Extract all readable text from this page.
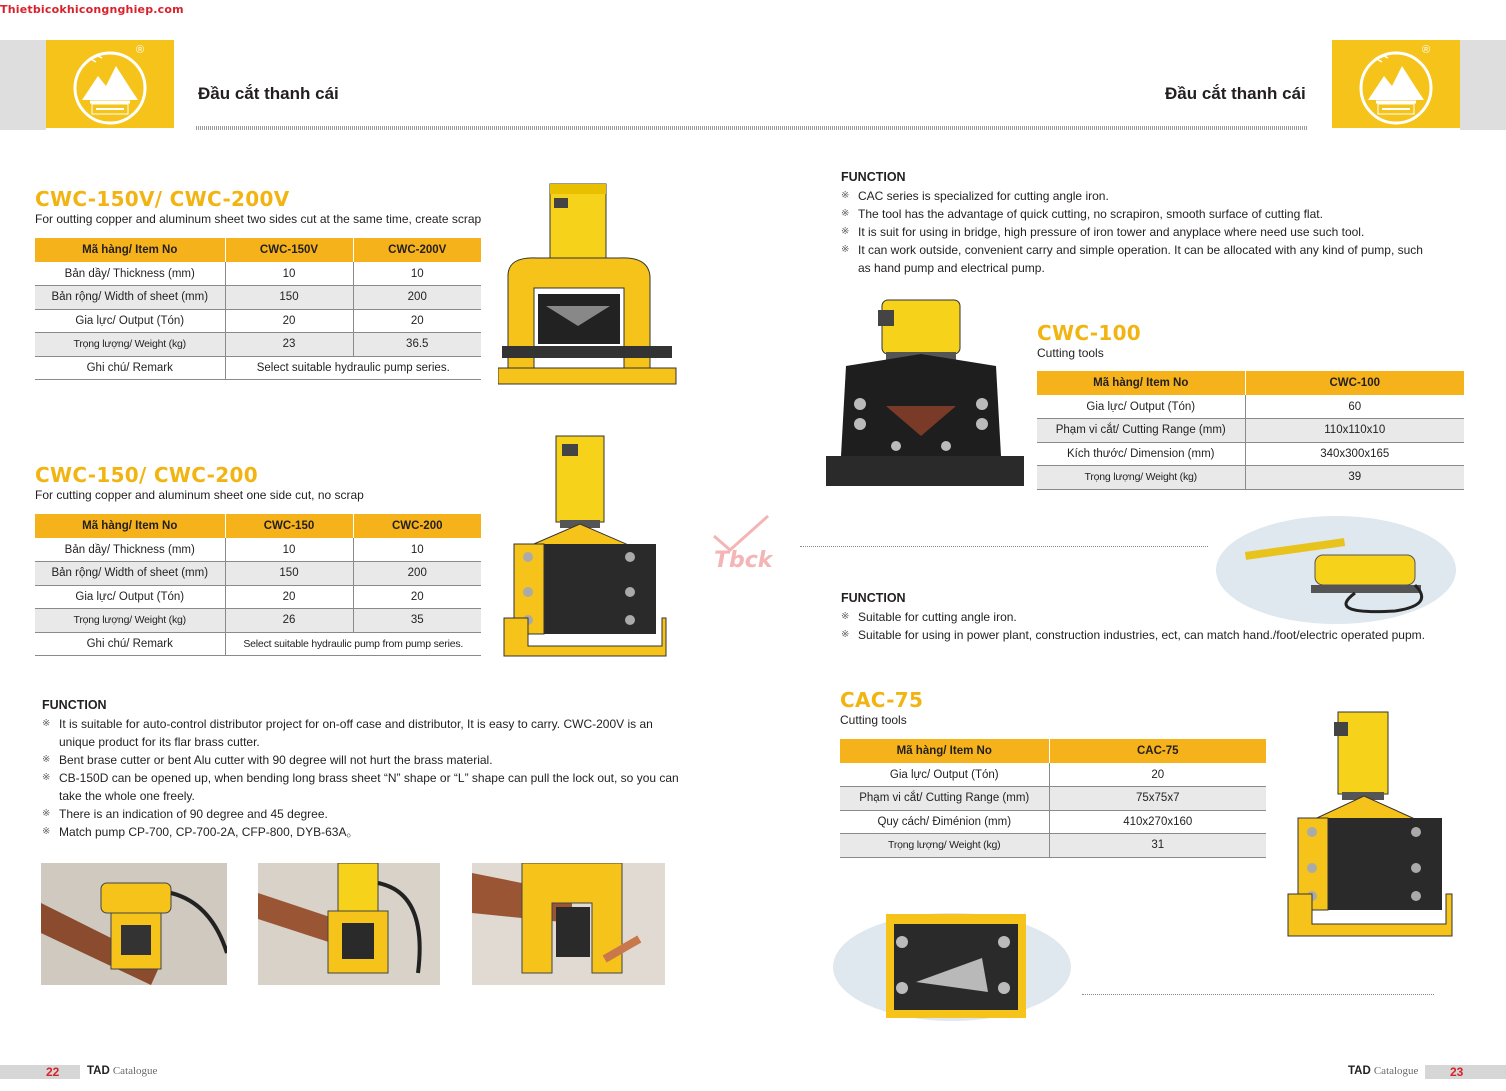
Thietbicokhicongnghiep.com
®
Đầu cắt thanh cái	Đầu cắt thanh cái
®
CWC-150V/ CWC-200V
For outting copper and aluminum sheet two sides cut at the same time, create scrap
Mã hàng/ Item No	CWC-150V	CWC-200V
Bản dầy/ Thickness (mm)	10	10
Bản rộng/ Width of sheet (mm)	150	200
Gia lực/ Output (Tón)	20	20
Trọng lượng/ Weight (kg)	23	36.5
Ghi chú/ Remark	Select suitable hydraulic pump series.	
CWC-150/ CWC-200
For cutting copper and aluminum sheet one side cut, no scrap
Mã hàng/ Item No	CWC-150	CWC-200
Bản dầy/ Thickness (mm)	10	10
Bản rộng/ Width of sheet (mm)	150	200
Gia lực/ Output (Tón)	20	20
Trọng lượng/ Weight (kg)	26	35
Ghi chú/ Remark	Select suitable hydraulic pump from pump series.	
FUNCTION
※ It is suitable for auto-control distributor project for on-off case and distributor, It is easy to carry. CWC-200V is an unique product for its flar brass cutter.
※ Bent brase cutter or bent Alu cutter with 90 degree will not hurt the brass material.
※ CB-150D can be opened up, when bending long brass sheet “N” shape or “L” shape can pull the lock out, so you can take the whole one freely.
※ There is an indication of 90 degree and 45 degree.
※ Match pump CP-700, CP-700-2A, CFP-800, DYB-63A。
FUNCTION
※ CAC series is specialized for cutting angle iron.
※ The tool has the advantage of quick cutting, no scrapiron, smooth surface of cutting flat.
※ It is suit for using in bridge, high pressure of iron tower and anyplace where need use such tool.
※ It can work outside, convenient carry and simple operation. It can be allocated with any kind of pump, such as hand pump and electrical pump.
CWC-100
Cutting tools
Mã hàng/ Item No	CWC-100
Gia lực/ Output (Tón)	60
Phạm vi cắt/ Cutting Range (mm)	110x110x10
Kích thước/ Dimension (mm)	340x300x165
Trọng lượng/ Weight (kg)	39
Tbck
FUNCTION
※ Suitable for cutting angle iron.
※ Suitable for using in power plant, construction industries, ect, can match hand./foot/electric operated pupm.
CAC-75
Cutting tools
Mã hàng/ Item No	CAC-75
Gia lực/ Output (Tón)	20
Phạm vi cắt/ Cutting Range (mm)	75x75x7
Quy cách/ Điménion (mm)	410x270x160
Trọng lượng/ Weight (kg)	31
22 TAD Catalogue	TAD Catalogue	23
